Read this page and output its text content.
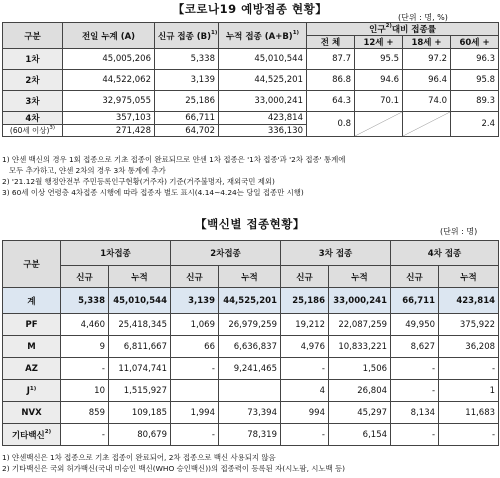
【코로나19 예방접종 현황】
(단위 : 명, %)
구분	전일 누계 (A)	신규 접종 $(B)^{1)}$	누적 접종 $(A+B)^{1)}$	인구$^{2)}$대비 접종률			
				전 체	12세 +	18세 +	60세 +
1차	45,005,206	5,338	45,010,544	87.7	95.5	97.2	96.3
2차	44,522,062	3,139	44,525,201	86.8	94.6	96.4	95.8
3차	32,975,055	25,186	33,000,241	64.3	70.1	74.0	89.3
4차	357,103	66,711	423,814	0.8			2.4
(60세 이상)$^{3)}$	271,428	64,702	336,130				
1) 얀센 백신의 경우 1회 접종으로 기초 접종이 완료되므로 얀센 1차 접종은 '1차 접종'과 '2차 접종' 통계에
모두 추가하고, 얀센 2차의 경우 3차 통계에 추가
2) '21.12월 행정안전부 주민등록인구현황(거주자) 기준(거주불명자, 재외국민 제외)
3) 60세 이상 연령층 4차접종 시행에 따라 접종자 별도 표시(4.14~4.24는 당일 접종만 시행)
【백신별 접종현황】
(단위 : 명)
구분	1차접종		2차접종		3차 접종		4차 접종	
	신규	누적	신규	누적	신규	누적	신규	누적
계	5,338	45,010,544	3,139	44,525,201	25,186	33,000,241	66,711	423,814
PF	4,460	25,418,345	1,069	26,979,259	19,212	22,087,259	49,950	375,922
M	9	6,811,667	66	6,636,837	4,976	10,833,221	8,627	36,208
AZ	-	11,074,741	-	9,241,465	-	1,506	-	-
$J^{1)}$	10	1,515,927			4	26,804	-	1
NVX	859	109,185	1,994	73,394	994	45,297	8,134	11,683
기타백신$^{2)}$	-	80,679	-	78,319	-	6,154	-	-
1) 얀센백신은 1차 접종으로 기초 접종이 완료되어, 2차 접종으로 백신 사용되지 않음
2) 기타백신은 국외 허가백신(국내 미승인 백신(WHO 승인백신))의 접종력이 등록된 자(시노팜, 시노백 등)
